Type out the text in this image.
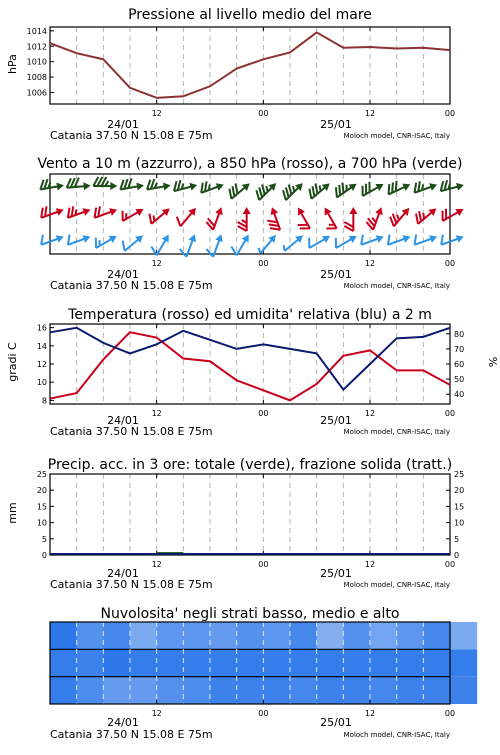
Pressione al livello medio del mare
hPa
12	00	12	00
1006
1008
1010
1012
1014
24/01	25/01
Catania 37.50 N 15.08 E 75m	Moloch model, CNR-ISAC, Italy
Vento a 10 m (azzurro), a 850 hPa (rosso), a 700 hPa (verde)
12	00	12	00
24/01	25/01
Catania 37.50 N 15.08 E 75m	Moloch model, CNR-ISAC, Italy
Temperatura (rosso) ed umidita' relativa (blu) a 2 m
gradi C	%
12	00	12	00
8
10
12
14
16
40
50
60
70
80
24/01	25/01
Catania 37.50 N 15.08 E 75m	Moloch model, CNR-ISAC, Italy
Precip. acc. in 3 ore: totale (verde), frazione solida (tratt.)
mm
12	00	12	00
0
5
10
15
20
25
0
5
10
15
20
25
24/01	25/01
Catania 37.50 N 15.08 E 75m	Moloch model, CNR-ISAC, Italy
Nuvolosita' negli strati basso, medio e alto
12	00	12	00
24/01	25/01
Catania 37.50 N 15.08 E 75m	Moloch model, CNR-ISAC, Italy
